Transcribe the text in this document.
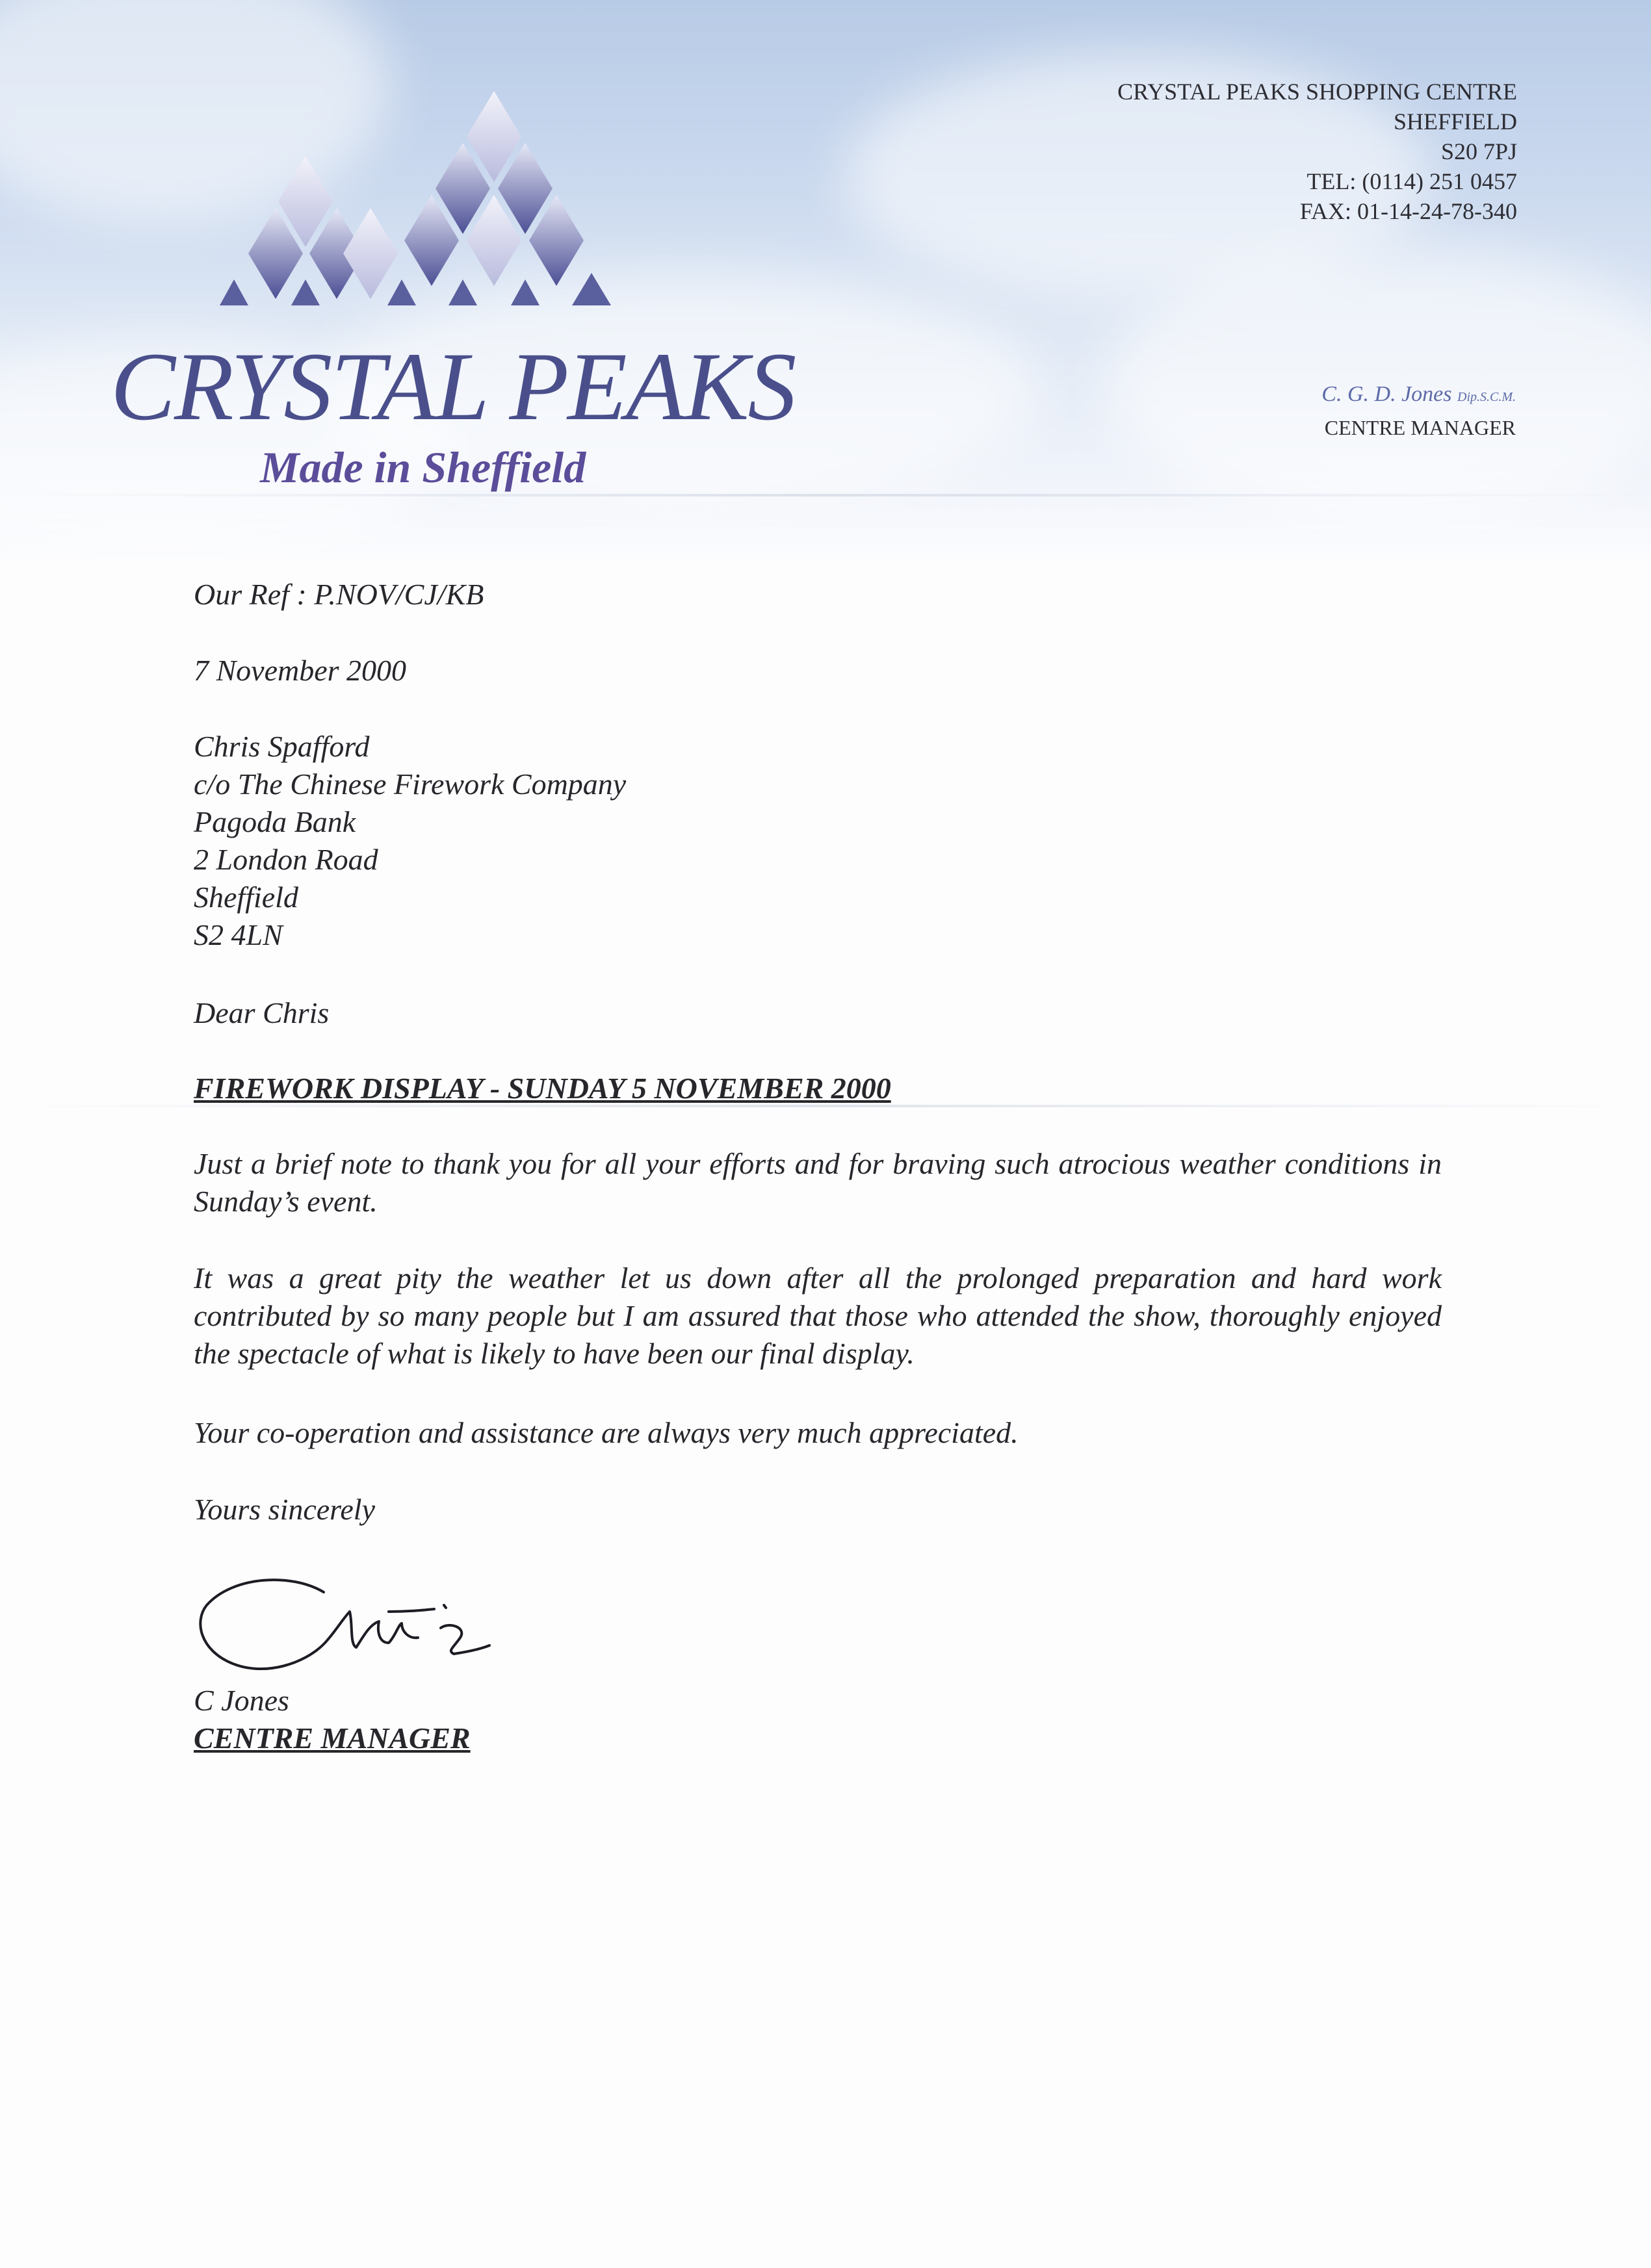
CRYSTAL PEAKS
Made in Sheffield
CRYSTAL PEAKS SHOPPING CENTRE
SHEFFIELD
S20 7PJ
TEL: (0114) 251 0457
FAX: 01-14-24-78-340
C. G. D. Jones Dip.S.C.M.
CENTRE MANAGER
Our Ref : P.NOV/CJ/KB
7 November 2000
Chris Spafford
c/o The Chinese Firework Company
Pagoda Bank
2 London Road
Sheffield
S2 4LN
Dear Chris
FIREWORK DISPLAY - SUNDAY 5 NOVEMBER 2000
Just a brief note to thank you for all your efforts and for braving such atrocious weather conditions in Sunday’s event.
It was a great pity the weather let us down after all the prolonged preparation and hard work contributed by so many people but I am assured that those who attended the show, thoroughly enjoyed the spectacle of what is likely to have been our final display.
Your co-operation and assistance are always very much appreciated.
Yours sincerely
C Jones
CENTRE MANAGER
